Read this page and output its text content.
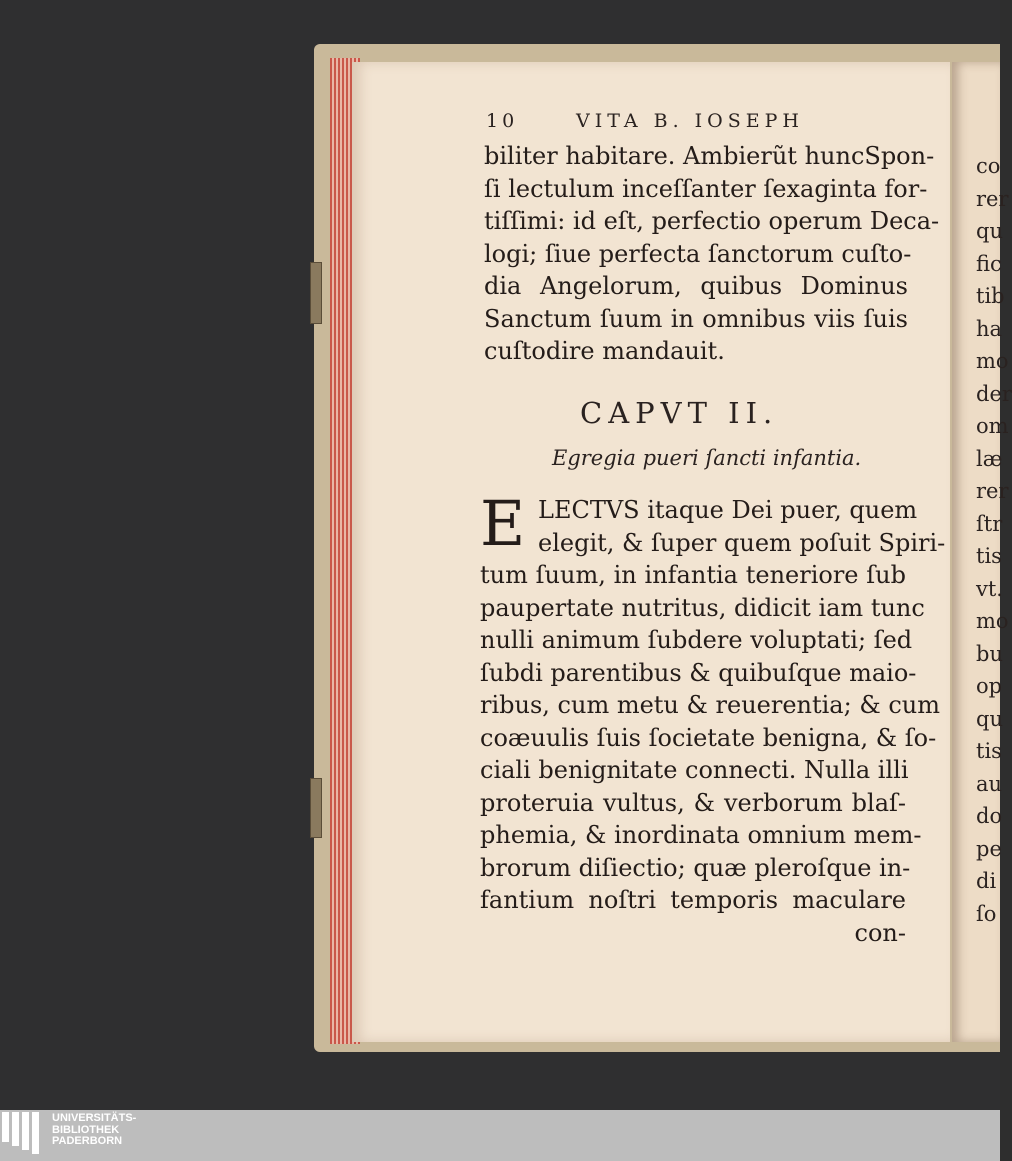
10	VITA B. IOSEPH
biliter habitare. Ambierũt huncSpon-
ſi lectulum inceſſanter ſexaginta for-
tiſſimi: id eſt, perfectio operum Deca-
logi; ſiue perfecta ſanctorum cuſto-
dia Angelorum, quibus Dominus
Sanctum ſuum in omnibus viis ſuis
cuſtodire mandauit.
CAPVT II.
Egregia pueri ſancti infantia.
E LECTVS itaque Dei puer, quem
elegit, & ſuper quem poſuit Spiri-
tum ſuum, in infantia teneriore ſub
paupertate nutritus, didicit iam tunc
nulli animum ſubdere voluptati; ſed
ſubdi parentibus & quibuſque maio-
ribus, cum metu & reuerentia; & cum
coæuulis ſuis ſocietate benigna, & ſo-
ciali benignitate connecti. Nulla illi
proteruia vultus, & verborum blaſ-
phemia, & inordinata omnium mem-
brorum diſiectio; quæ pleroſque in-
fantium noſtri temporis maculare
con-
co
rer
qu
fic
tib
ha
mo
der
om
læ
rer
ſtr
tis
vt.
mo
bu
op
qu
tis
au
do
pe
di
ſo
UNIVERSITÄTS-
BIBLIOTHEK
PADERBORN
